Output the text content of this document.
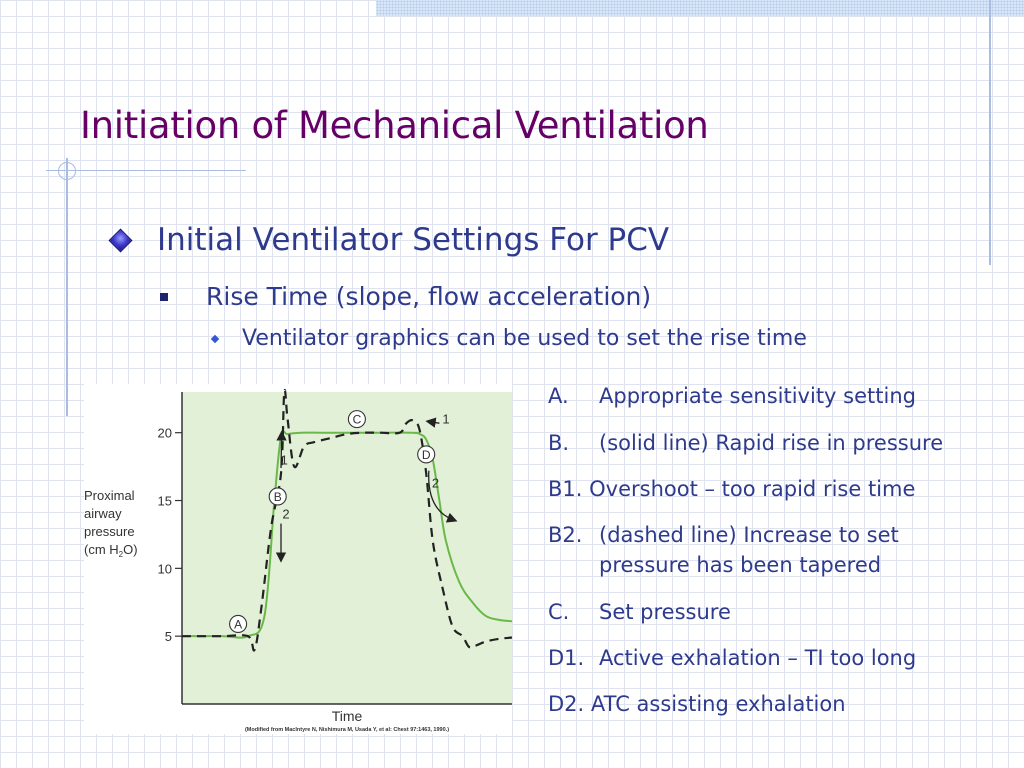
Initiation of Mechanical Ventilation
Initial Ventilator Settings For PCV
Rise Time (slope, flow acceleration)
Ventilator graphics can be used to set the rise time
Proximal
airway
pressure
(cm $H_2O$)
5
10
15
20
A
B
C
D
1
2
1
2
Time
(Modified from MacIntyre N, Nishimura M, Usada Y, et al: Chest 97:1463, 1990.)
A. Appropriate sensitivity setting
B. (solid line) Rapid rise in pressure
B1. Overshoot – too rapid rise time
B2. (dashed line) Increase to set
pressure has been tapered
C. Set pressure
D1. Active exhalation – TI too long
D2. ATC assisting exhalation
